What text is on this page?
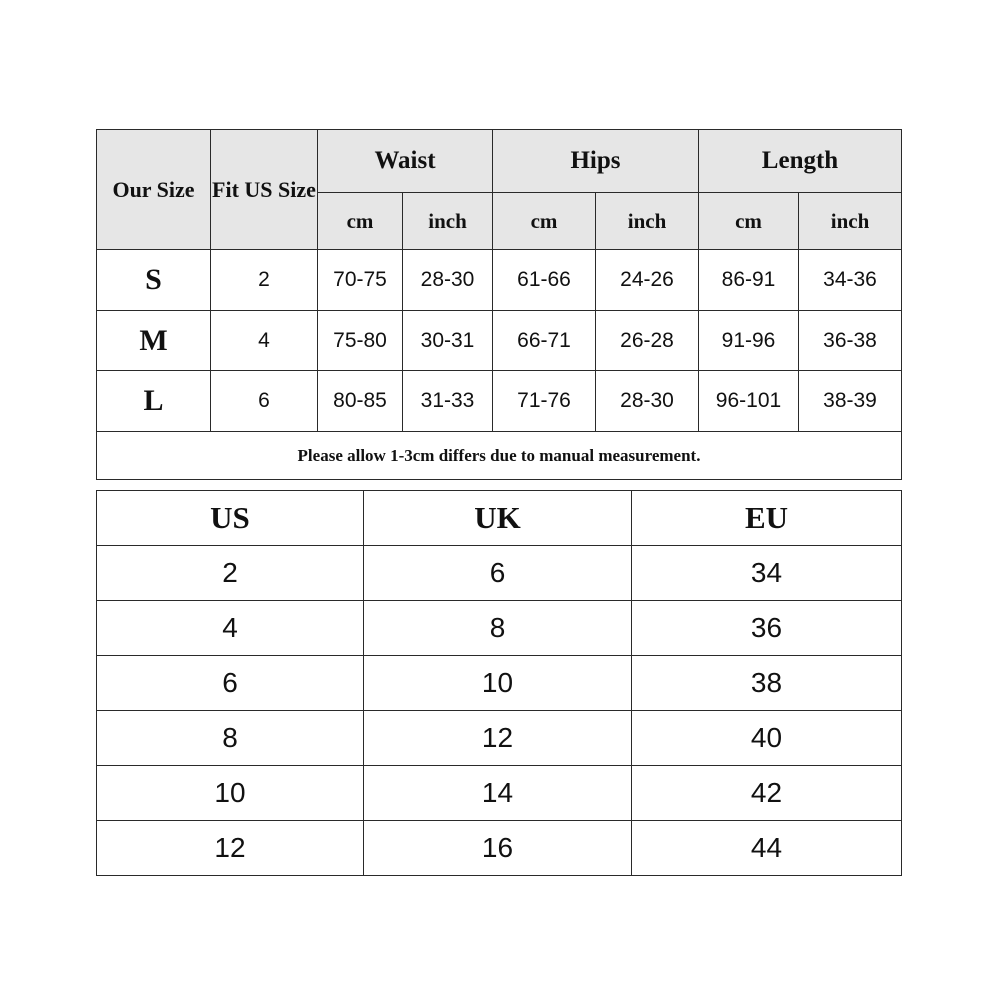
Our Size	Fit US Size	Waist		Hips		Length	
		cm	inch	cm	inch	cm	inch
S	2	70-75	28-30	61-66	24-26	86-91	34-36
M	4	75-80	30-31	66-71	26-28	91-96	36-38
L	6	80-85	31-33	71-76	28-30	96-101	38-39
Please allow 1-3cm differs due to manual measurement.							
US	UK	EU
2	6	34
4	8	36
6	10	38
8	12	40
10	14	42
12	16	44
